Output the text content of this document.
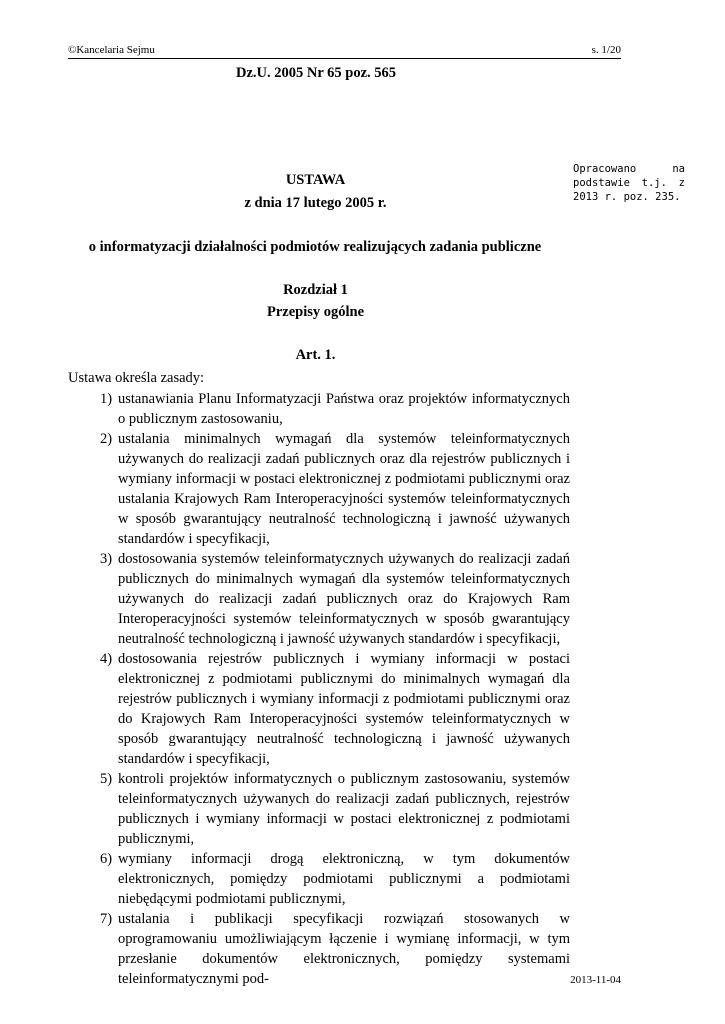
©Kancelaria Sejmu	s. 1/20
Dz.U. 2005 Nr 65 poz. 565
Opracowano na podstawie t.j. z 2013 r. poz. 235.
USTAWA
z dnia 17 lutego 2005 r.
o informatyzacji działalności podmiotów realizujących zadania publiczne
Rozdział 1
Przepisy ogólne
Art. 1.
Ustawa określa zasady:
1) ustanawiania Planu Informatyzacji Państwa oraz projektów informatycznych o publicznym zastosowaniu,
2) ustalania minimalnych wymagań dla systemów teleinformatycznych używanych do realizacji zadań publicznych oraz dla rejestrów publicznych i wymiany informacji w postaci elektronicznej z podmiotami publicznymi oraz ustalania Krajowych Ram Interoperacyjności systemów teleinformatycznych w sposób gwarantujący neutralność technologiczną i jawność używanych standardów i specyfikacji,
3) dostosowania systemów teleinformatycznych używanych do realizacji zadań publicznych do minimalnych wymagań dla systemów teleinformatycznych używanych do realizacji zadań publicznych oraz do Krajowych Ram Interoperacyjności systemów teleinformatycznych w sposób gwarantujący neutralność technologiczną i jawność używanych standardów i specyfikacji,
4) dostosowania rejestrów publicznych i wymiany informacji w postaci elektronicznej z podmiotami publicznymi do minimalnych wymagań dla rejestrów publicznych i wymiany informacji z podmiotami publicznymi oraz do Krajowych Ram Interoperacyjności systemów teleinformatycznych w sposób gwarantujący neutralność technologiczną i jawność używanych standardów i specyfikacji,
5) kontroli projektów informatycznych o publicznym zastosowaniu, systemów teleinformatycznych używanych do realizacji zadań publicznych, rejestrów publicznych i wymiany informacji w postaci elektronicznej z podmiotami publicznymi,
6) wymiany informacji drogą elektroniczną, w tym dokumentów elektronicznych, pomiędzy podmiotami publicznymi a podmiotami niebędącymi podmiotami publicznymi,
7) ustalania i publikacji specyfikacji rozwiązań stosowanych w oprogramowaniu umożliwiającym łączenie i wymianę informacji, w tym przesłanie dokumentów elektronicznych, pomiędzy systemami teleinformatycznymi pod-	2013-11-04
